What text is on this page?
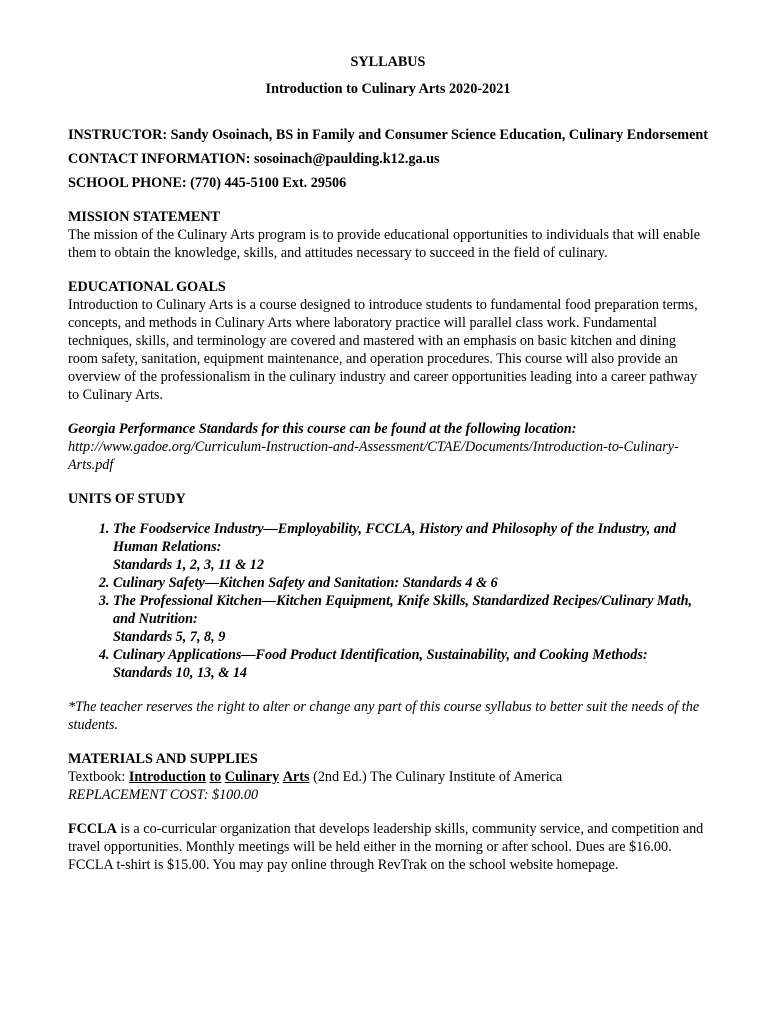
SYLLABUS

Introduction to Culinary Arts 2020-2021

INSTRUCTOR: Sandy Osoinach, BS in Family and Consumer Science Education, Culinary Endorsement

CONTACT INFORMATION: sosoinach@paulding.k12.ga.us

SCHOOL PHONE: (770) 445-5100 Ext. 29506

MISSION STATEMENT

The mission of the Culinary Arts program is to provide educational opportunities to individuals that will enable them to obtain the knowledge, skills, and attitudes necessary to succeed in the field of culinary.

EDUCATIONAL GOALS

Introduction to Culinary Arts is a course designed to introduce students to fundamental food preparation terms, concepts, and methods in Culinary Arts where laboratory practice will parallel class work. Fundamental techniques, skills, and terminology are covered and mastered with an emphasis on basic kitchen and dining room safety, sanitation, equipment maintenance, and operation procedures. This course will also provide an overview of the professionalism in the culinary industry and career opportunities leading into a career pathway to Culinary Arts.

Georgia Performance Standards for this course can be found at the following location:

http://www.gadoe.org/Curriculum-Instruction-and-Assessment/CTAE/Documents/Introduction-to-Culinary-Arts.pdf

UNITS OF STUDY

1. The Foodservice Industry—Employability, FCCLA, History and Philosophy of the Industry, and Human Relations:
Standards 1, 2, 3, 11 & 12
2. Culinary Safety—Kitchen Safety and Sanitation: Standards 4 & 6
3. The Professional Kitchen—Kitchen Equipment, Knife Skills, Standardized Recipes/Culinary Math, and Nutrition:
Standards 5, 7, 8, 9
4. Culinary Applications—Food Product Identification, Sustainability, and Cooking Methods:
Standards 10, 13, & 14

*The teacher reserves the right to alter or change any part of this course syllabus to better suit the needs of the students.

MATERIALS AND SUPPLIES

Textbook: Introduction to Culinary Arts (2nd Ed.) The Culinary Institute of America

REPLACEMENT COST: $100.00

FCCLA is a co-curricular organization that develops leadership skills, community service, and competition and travel opportunities. Monthly meetings will be held either in the morning or after school. Dues are $16.00. FCCLA t-shirt is $15.00. You may pay online through RevTrak on the school website homepage.
